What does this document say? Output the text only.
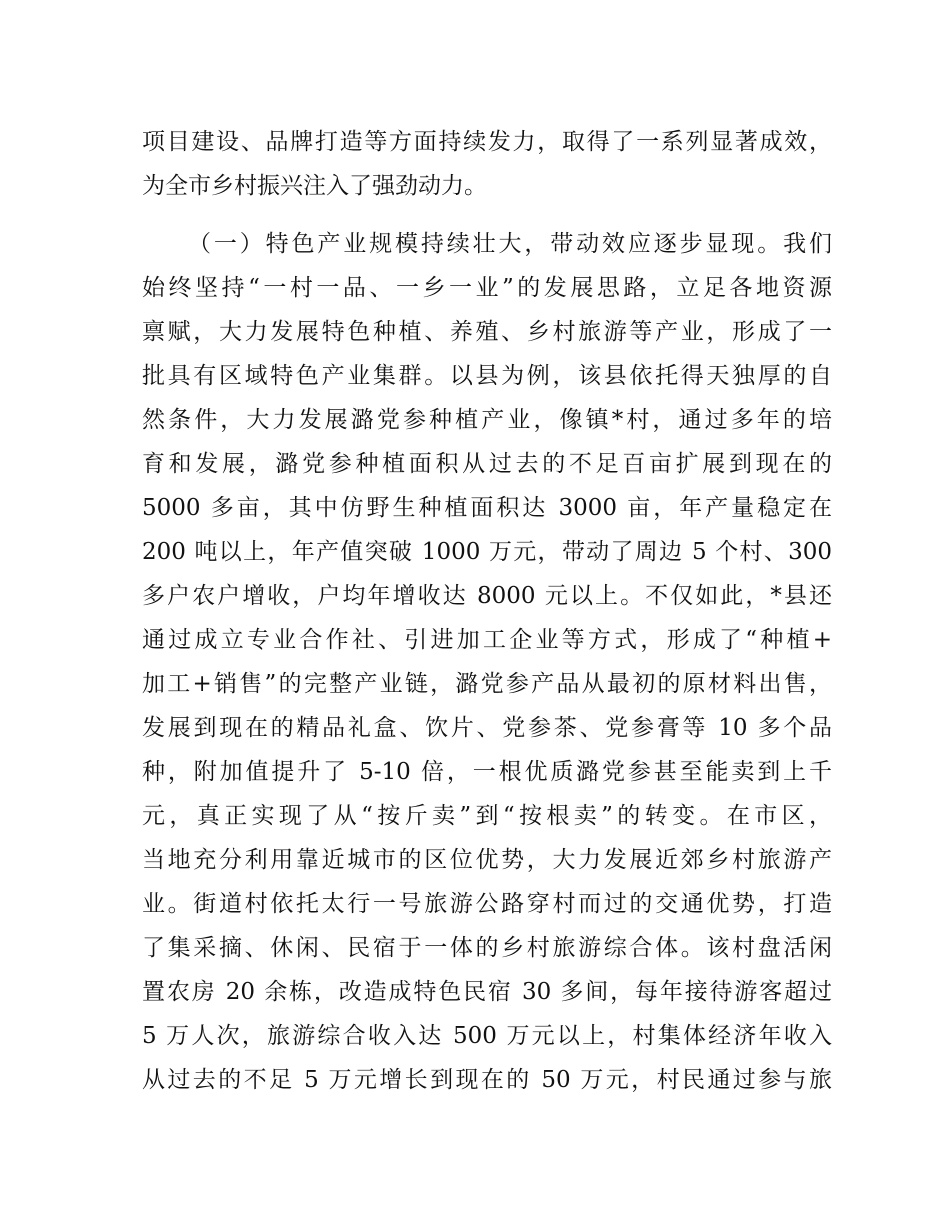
项目建设、品牌打造等方面持续发力，取得了一系列显著成效，
为全市乡村振兴注入了强劲动力。
（一）特色产业规模持续壮大，带动效应逐步显现。我们
始终坚持“一村一品、一乡一业”的发展思路，立足各地资源
禀赋，大力发展特色种植、养殖、乡村旅游等产业，形成了一
批具有区域特色产业集群。以县为例，该县依托得天独厚的自
然条件，大力发展潞党参种植产业，像镇*村，通过多年的培
育和发展，潞党参种植面积从过去的不足百亩扩展到现在的
5000 多亩，其中仿野生种植面积达 3000 亩，年产量稳定在
200 吨以上，年产值突破 1000 万元，带动了周边 5 个村、300
多户农户增收，户均年增收达 8000 元以上。不仅如此，*县还
通过成立专业合作社、引进加工企业等方式，形成了“种植+
加工+销售”的完整产业链，潞党参产品从最初的原材料出售，
发展到现在的精品礼盒、饮片、党参茶、党参膏等 10 多个品
种，附加值提升了 5-10 倍，一根优质潞党参甚至能卖到上千
元，真正实现了从“按斤卖”到“按根卖”的转变。在市区，
当地充分利用靠近城市的区位优势，大力发展近郊乡村旅游产
业。街道村依托太行一号旅游公路穿村而过的交通优势，打造
了集采摘、休闲、民宿于一体的乡村旅游综合体。该村盘活闲
置农房 20 余栋，改造成特色民宿 30 多间，每年接待游客超过
5 万人次，旅游综合收入达 500 万元以上，村集体经济年收入
从过去的不足 5 万元增长到现在的 50 万元，村民通过参与旅
